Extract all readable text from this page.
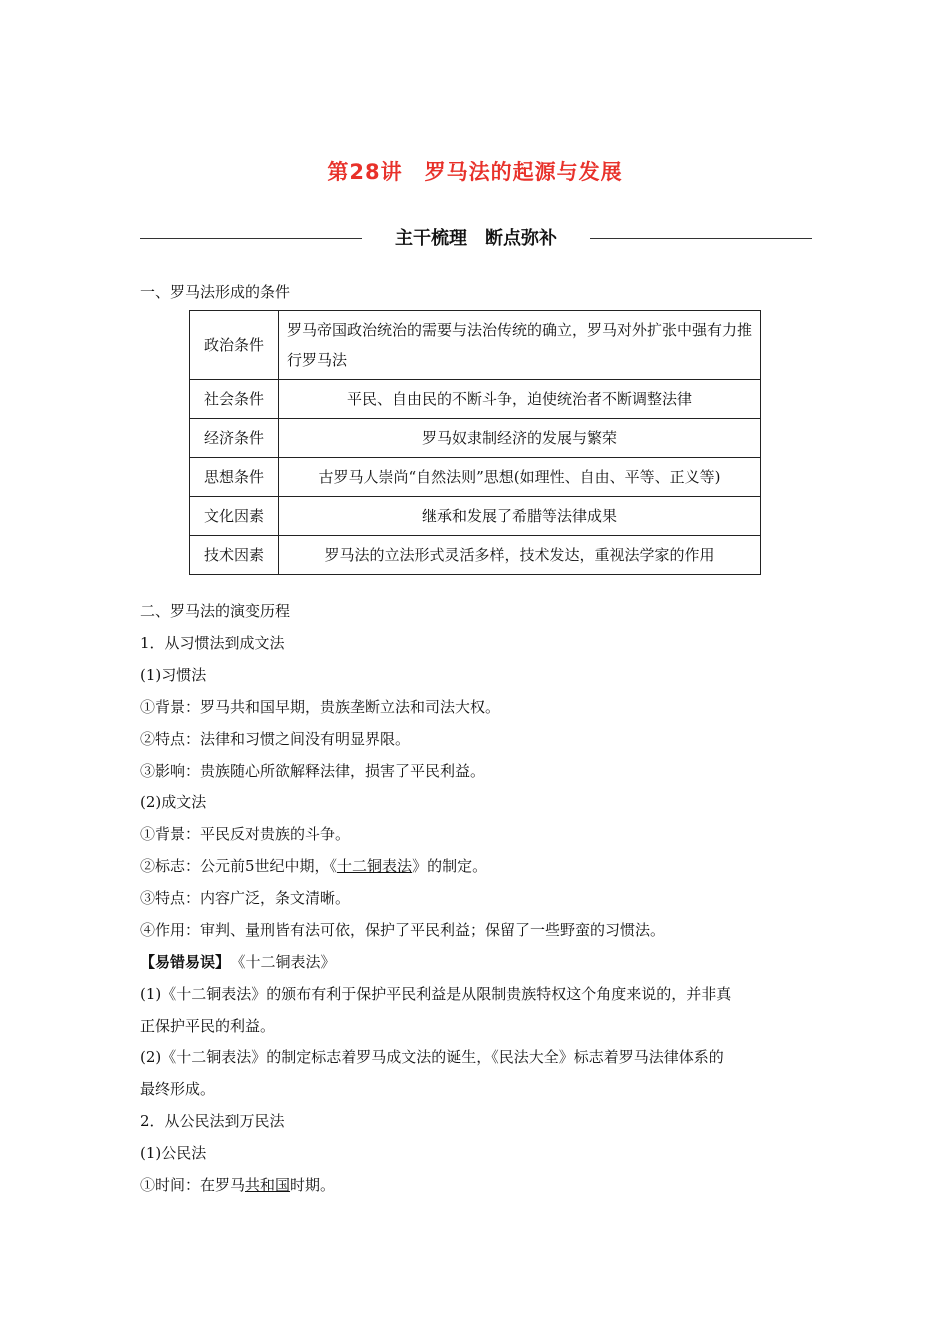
第28讲　罗马法的起源与发展
主干梳理　断点弥补
一、罗马法形成的条件
政治条件	罗马帝国政治统治的需要与法治传统的确立，罗马对外扩张中强有力推行罗马法
社会条件	平民、自由民的不断斗争，迫使统治者不断调整法律
经济条件	罗马奴隶制经济的发展与繁荣
思想条件	古罗马人崇尚“自然法则”思想(如理性、自由、平等、正义等)
文化因素	继承和发展了希腊等法律成果
技术因素	罗马法的立法形式灵活多样，技术发达，重视法学家的作用
二、罗马法的演变历程
1．从习惯法到成文法
(1)习惯法
①背景：罗马共和国早期，贵族垄断立法和司法大权。
②特点：法律和习惯之间没有明显界限。
③影响：贵族随心所欲解释法律，损害了平民利益。
(2)成文法
①背景：平民反对贵族的斗争。
②标志：公元前5世纪中期，《十二铜表法》的制定。
③特点：内容广泛，条文清晰。
④作用：审判、量刑皆有法可依，保护了平民利益；保留了一些野蛮的习惯法。
【易错易误】 《十二铜表法》
(1)《十二铜表法》的颁布有利于保护平民利益是从限制贵族特权这个角度来说的，并非真
正保护平民的利益。
(2)《十二铜表法》的制定标志着罗马成文法的诞生，《民法大全》标志着罗马法律体系的
最终形成。
2．从公民法到万民法
(1)公民法
①时间：在罗马共和国时期。
